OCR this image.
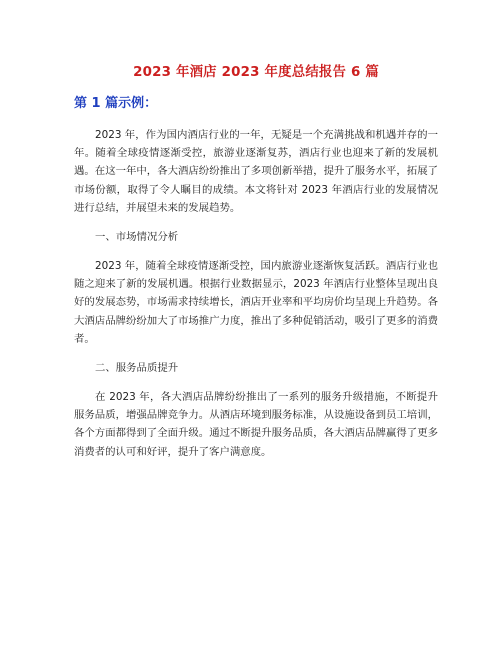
2023 年酒店 2023 年度总结报告 6 篇
第 1 篇示例：

2023 年，作为国内酒店行业的一年，无疑是一个充满挑战和机遇并存的一年。随着全球疫情逐渐受控，旅游业逐渐复苏，酒店行业也迎来了新的发展机遇。在这一年中，各大酒店纷纷推出了多项创新举措，提升了服务水平，拓展了市场份额，取得了令人瞩目的成绩。本文将针对 2023 年酒店行业的发展情况进行总结，并展望未来的发展趋势。

一、市场情况分析

2023 年，随着全球疫情逐渐受控，国内旅游业逐渐恢复活跃。酒店行业也随之迎来了新的发展机遇。根据行业数据显示，2023 年酒店行业整体呈现出良好的发展态势，市场需求持续增长，酒店开业率和平均房价均呈现上升趋势。各大酒店品牌纷纷加大了市场推广力度，推出了多种促销活动，吸引了更多的消费者。

二、服务品质提升

在 2023 年，各大酒店品牌纷纷推出了一系列的服务升级措施，不断提升服务品质，增强品牌竞争力。从酒店环境到服务标准，从设施设备到员工培训，各个方面都得到了全面升级。通过不断提升服务品质，各大酒店品牌赢得了更多消费者的认可和好评，提升了客户满意度。
